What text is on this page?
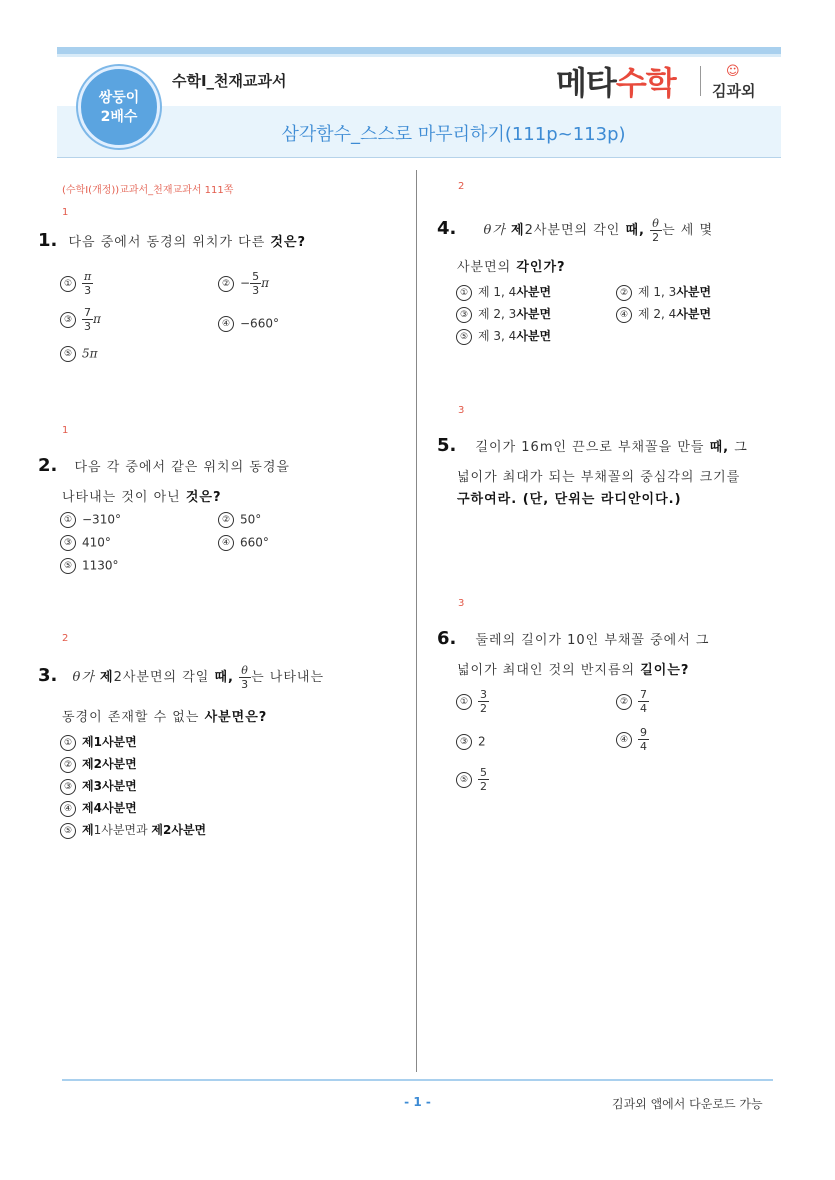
쌍둥이
2배수
수학Ⅰ_천재교과서	메타수학	☺
김과외
삼각함수_스스로 마무리하기(111p~113p)
(수학Ⅰ(개정))교과서_천재교과서 111쪽
1
1. 다음 중에서 동경의 위치가 다른 것은?
① $\frac{\pi}{3}$	② − $\frac{5}{3}$ π
③ $\frac{7}{3}$ π	④ −660°
⑤ 5π
1
2. 다음 각 중에서 같은 위치의 동경을
나타내는 것이 아닌 것은?
① −310°	② 50°
③ 410°	④ 660°
⑤ 1130°
2
3. θ가 제2사분면의 각일 때, $\frac{\theta}{3}$ 는 나타내는
동경이 존재할 수 없는 사분면은?
① 제1사분면
② 제2사분면
③ 제3사분면
④ 제4사분면
⑤ 제1사분면과 제2사분면
2
4. θ가 제2사분면의 각인 때, $\frac{\theta}{2}$ 는 세 몇
사분면의 각인가?
① 제 1, 4사분면	② 제 1, 3사분면
③ 제 2, 3사분면	④ 제 2, 4사분면
⑤ 제 3, 4사분면
3
5. 길이가 16m인 끈으로 부채꼴을 만들 때, 그
넓이가 최대가 되는 부채꼴의 중심각의 크기를
구하여라. (단, 단위는 라디안이다.)
3
6. 둘레의 길이가 10인 부채꼴 중에서 그
넓이가 최대인 것의 반지름의 길이는?
① $\frac{3}{2}$	② $\frac{7}{4}$
③ 2	④ $\frac{9}{4}$
⑤ $\frac{5}{2}$
- 1 -	김과외 앱에서 다운로드 가능
